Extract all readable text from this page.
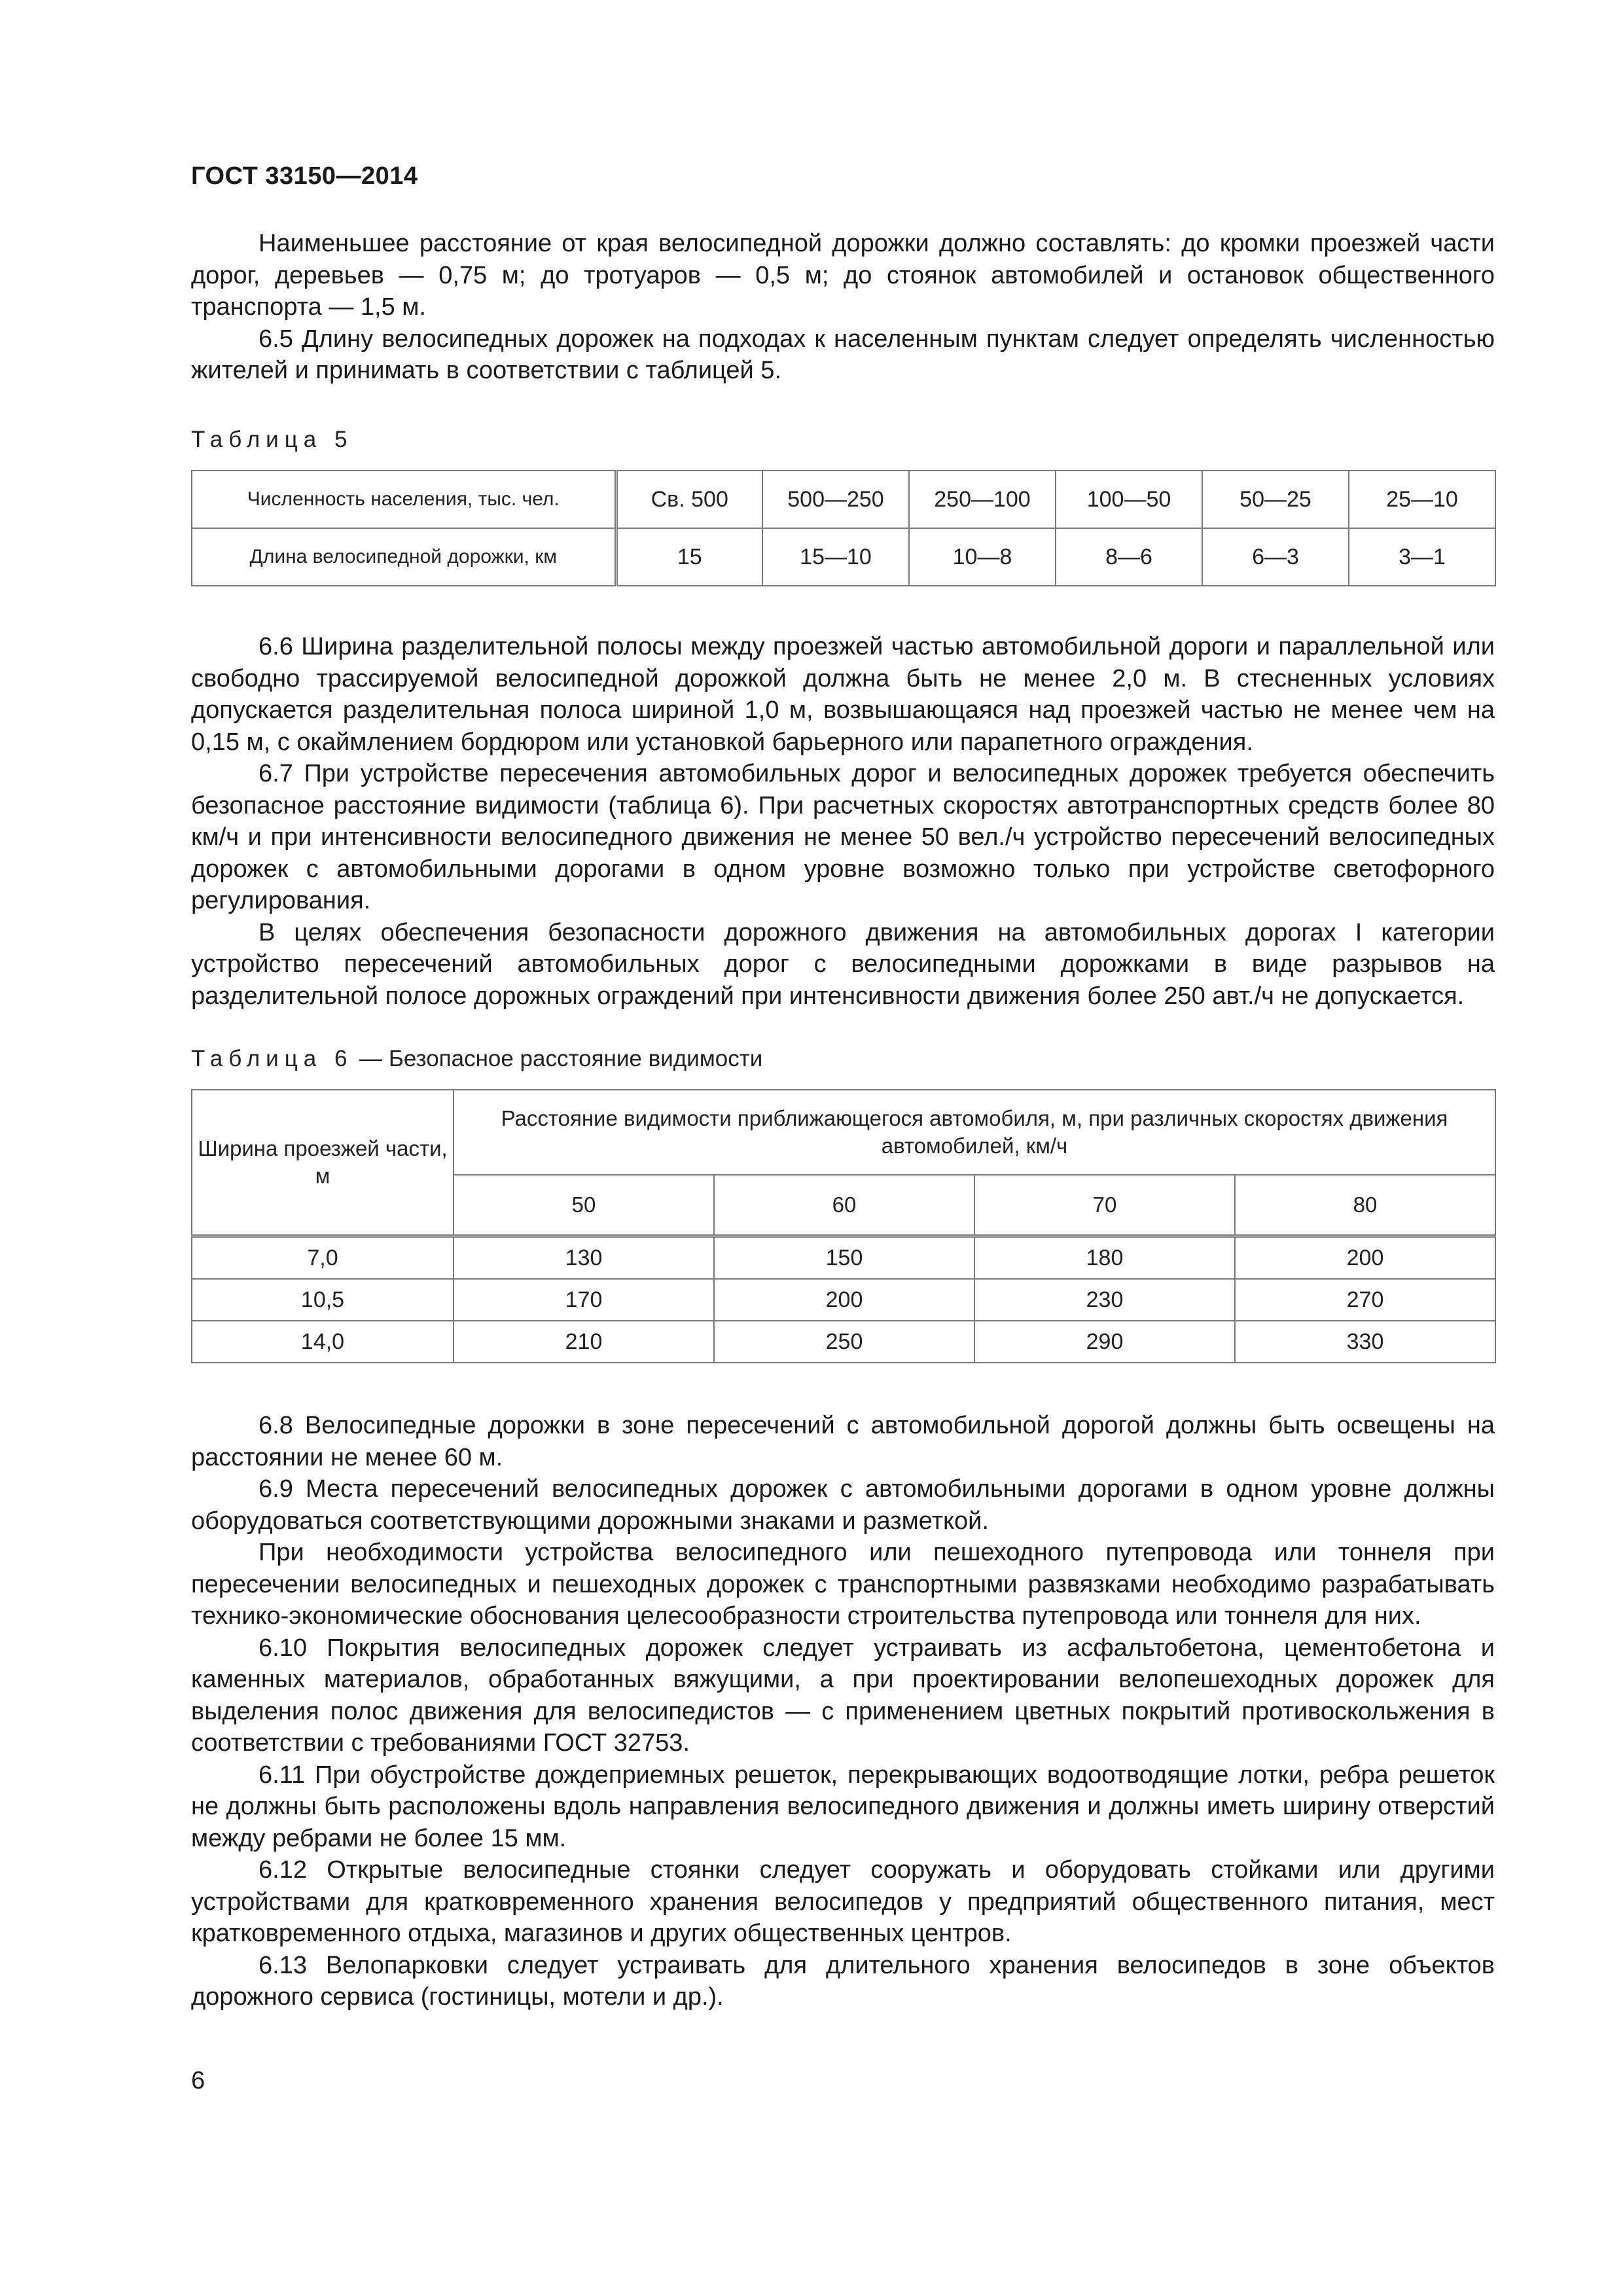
ГОСТ 33150—2014

Наименьшее расстояние от края велосипедной дорожки должно составлять: до кромки проезжей части дорог, деревьев — 0,75 м; до тротуаров — 0,5 м; до стоянок автомобилей и остановок общественного транспорта — 1,5 м.

6.5 Длину велосипедных дорожек на подходах к населенным пунктам следует определять численностью жителей и принимать в соответствии с таблицей 5.

Таблица 5
Численность населения, тыс. чел.	Св. 500	500—250	250—100	100—50	50—25	25—10
Длина велосипедной дорожки, км	15	15—10	10—8	8—6	6—3	3—1

6.6 Ширина разделительной полосы между проезжей частью автомобильной дороги и параллельной или свободно трассируемой велосипедной дорожкой должна быть не менее 2,0 м. В стесненных условиях допускается разделительная полоса шириной 1,0 м, возвышающаяся над проезжей частью не менее чем на 0,15 м, с окаймлением бордюром или установкой барьерного или парапетного ограждения.

6.7 При устройстве пересечения автомобильных дорог и велосипедных дорожек требуется обеспечить безопасное расстояние видимости (таблица 6). При расчетных скоростях автотранспортных средств более 80 км/ч и при интенсивности велосипедного движения не менее 50 вел./ч устройство пересечений велосипедных дорожек с автомобильными дорогами в одном уровне возможно только при устройстве светофорного регулирования.

В целях обеспечения безопасности дорожного движения на автомобильных дорогах I категории устройство пересечений автомобильных дорог с велосипедными дорожками в виде разрывов на разделительной полосе дорожных ограждений при интенсивности движения более 250 авт./ч не допускается.

Таблица 6 — Безопасное расстояние видимости
Ширина проезжей части, м	Расстояние видимости приближающегося автомобиля, м, при различных скоростях движения автомобилей, км/ч			
	50	60	70	80
7,0	130	150	180	200
10,5	170	200	230	270
14,0	210	250	290	330

6.8 Велосипедные дорожки в зоне пересечений с автомобильной дорогой должны быть освещены на расстоянии не менее 60 м.

6.9 Места пересечений велосипедных дорожек с автомобильными дорогами в одном уровне должны оборудоваться соответствующими дорожными знаками и разметкой.

При необходимости устройства велосипедного или пешеходного путепровода или тоннеля при пересечении велосипедных и пешеходных дорожек с транспортными развязками необходимо разрабатывать технико-экономические обоснования целесообразности строительства путепровода или тоннеля для них.

6.10 Покрытия велосипедных дорожек следует устраивать из асфальтобетона, цементобетона и каменных материалов, обработанных вяжущими, а при проектировании велопешеходных дорожек для выделения полос движения для велосипедистов — с применением цветных покрытий противоскольжения в соответствии с требованиями ГОСТ 32753.

6.11 При обустройстве дождеприемных решеток, перекрывающих водоотводящие лотки, ребра решеток не должны быть расположены вдоль направления велосипедного движения и должны иметь ширину отверстий между ребрами не более 15 мм.

6.12 Открытые велосипедные стоянки следует сооружать и оборудовать стойками или другими устройствами для кратковременного хранения велосипедов у предприятий общественного питания, мест кратковременного отдыха, магазинов и других общественных центров.

6.13 Велопарковки следует устраивать для длительного хранения велосипедов в зоне объектов дорожного сервиса (гостиницы, мотели и др.).

6
